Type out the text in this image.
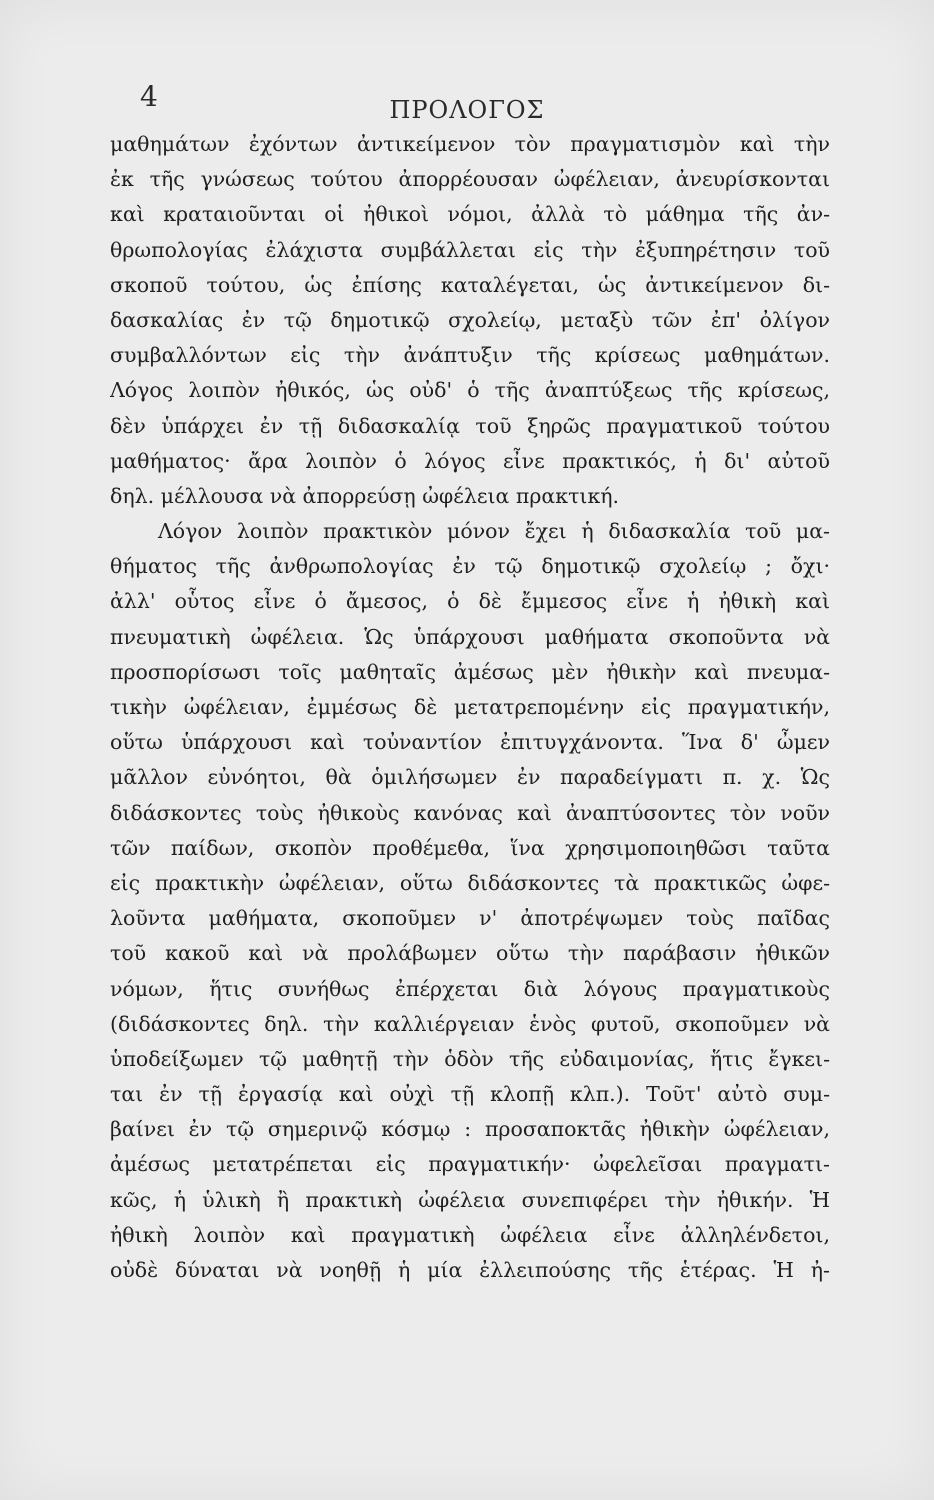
4	ΠΡΟΛΟΓΟΣ
μαθημάτων ἐχόντων ἀντικείμενον τὸν πραγματισμὸν καὶ τὴν
ἐκ τῆς γνώσεως τούτου ἀπορρέουσαν ὠφέλειαν, ἀνευρίσκονται
καὶ κραταιοῦνται οἱ ἠθικοὶ νόμοι, ἀλλὰ τὸ μάθημα τῆς ἀν-
θρωπολογίας ἐλάχιστα συμβάλλεται εἰς τὴν ἐξυπηρέτησιν τοῦ
σκοποῦ τούτου, ὡς ἐπίσης καταλέγεται, ὡς ἀντικείμενον δι-
δασκαλίας ἐν τῷ δημοτικῷ σχολείῳ, μεταξὺ τῶν ἐπ' ὀλίγον
συμβαλλόντων εἰς τὴν ἀνάπτυξιν τῆς κρίσεως μαθημάτων.
Λόγος λοιπὸν ἠθικός, ὡς οὐδ' ὁ τῆς ἀναπτύξεως τῆς κρίσεως,
δὲν ὑπάρχει ἐν τῇ διδασκαλίᾳ τοῦ ξηρῶς πραγματικοῦ τούτου
μαθήματος· ἄρα λοιπὸν ὁ λόγος εἶνε πρακτικός, ἡ δι' αὐτοῦ
δηλ. μέλλουσα νὰ ἀπορρεύσῃ ὠφέλεια πρακτική.
Λόγον λοιπὸν πρακτικὸν μόνον ἔχει ἡ διδασκαλία τοῦ μα-
θήματος τῆς ἀνθρωπολογίας ἐν τῷ δημοτικῷ σχολείῳ ; ὄχι·
ἀλλ' οὗτος εἶνε ὁ ἄμεσος, ὁ δὲ ἔμμεσος εἶνε ἡ ἠθικὴ καὶ
πνευματικὴ ὠφέλεια. Ὡς ὑπάρχουσι μαθήματα σκοποῦντα νὰ
προσπορίσωσι τοῖς μαθηταῖς ἀμέσως μὲν ἠθικὴν καὶ πνευμα-
τικὴν ὠφέλειαν, ἐμμέσως δὲ μετατρεπομένην εἰς πραγματικήν,
οὕτω ὑπάρχουσι καὶ τοὐναντίον ἐπιτυγχάνοντα. Ἵνα δ' ὦμεν
μᾶλλον εὐνόητοι, θὰ ὁμιλήσωμεν ἐν παραδείγματι π. χ. Ὡς
διδάσκοντες τοὺς ἠθικοὺς κανόνας καὶ ἀναπτύσοντες τὸν νοῦν
τῶν παίδων, σκοπὸν προθέμεθα, ἵνα χρησιμοποιηθῶσι ταῦτα
εἰς πρακτικὴν ὠφέλειαν, οὕτω διδάσκοντες τὰ πρακτικῶς ὠφε-
λοῦντα μαθήματα, σκοποῦμεν ν' ἀποτρέψωμεν τοὺς παῖδας
τοῦ κακοῦ καὶ νὰ προλάβωμεν οὕτω τὴν παράβασιν ἠθικῶν
νόμων, ἥτις συνήθως ἐπέρχεται διὰ λόγους πραγματικοὺς
(διδάσκοντες δηλ. τὴν καλλιέργειαν ἑνὸς φυτοῦ, σκοποῦμεν νὰ
ὑποδείξωμεν τῷ μαθητῇ τὴν ὁδὸν τῆς εὐδαιμονίας, ἥτις ἔγκει-
ται ἐν τῇ ἐργασίᾳ καὶ οὐχὶ τῇ κλοπῇ κλπ.). Τοῦτ' αὐτὸ συμ-
βαίνει ἐν τῷ σημερινῷ κόσμῳ : προσαποκτᾶς ἠθικὴν ὠφέλειαν,
ἀμέσως μετατρέπεται εἰς πραγματικήν· ὠφελεῖσαι πραγματι-
κῶς, ἡ ὑλικὴ ἢ πρακτικὴ ὠφέλεια συνεπιφέρει τὴν ἠθικήν. Ἡ
ἠθικὴ λοιπὸν καὶ πραγματικὴ ὠφέλεια εἶνε ἀλληλένδετοι,
οὐδὲ δύναται νὰ νοηθῇ ἡ μία ἐλλειπούσης τῆς ἑτέρας. Ἡ ἠ-
